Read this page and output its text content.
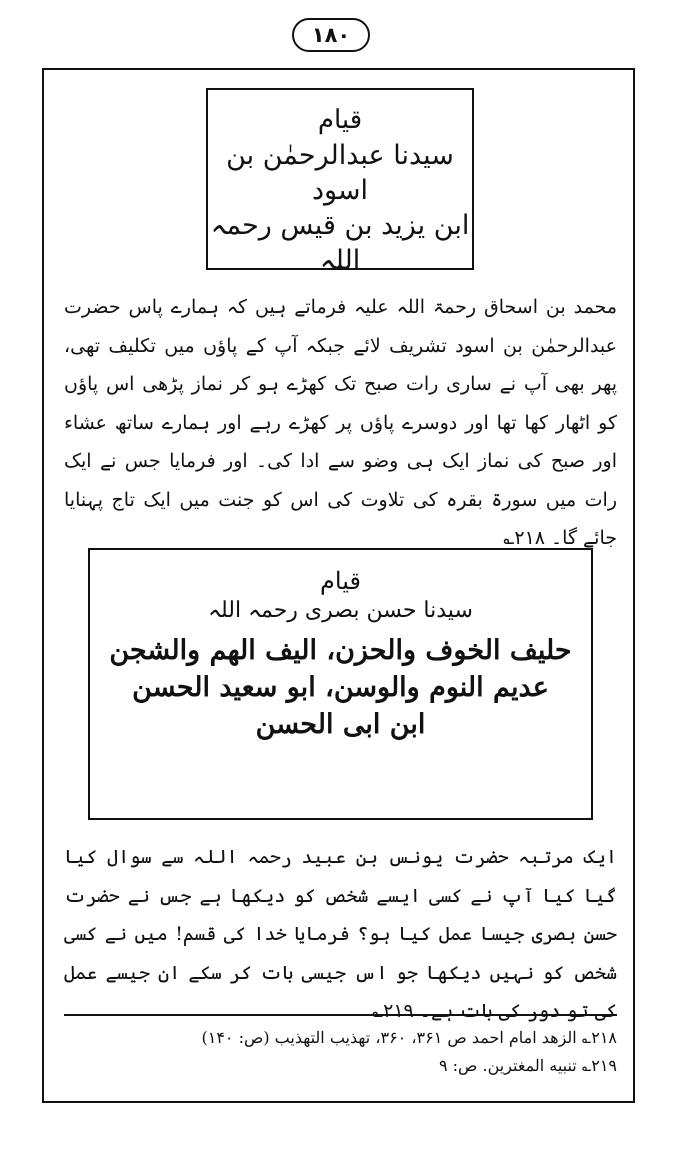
١٨٠
قیام
سیدنا عبدالرحمٰن بن اسود
ابن یزید بن قیس رحمہ اللہ
محمد بن اسحاق رحمۃ اللہ علیہ فرماتے ہیں کہ ہمارے پاس حضرت عبدالرحمٰن بن اسود تشریف لائے جبکہ آپ کے پاؤں میں تکلیف تھی، پھر بھی آپ نے ساری رات صبح تک کھڑے ہو کر نماز پڑھی اس پاؤں کو اٹھار کھا تھا اور دوسرے پاؤں پر کھڑے رہے اور ہمارے ساتھ عشاء اور صبح کی نماز ایک ہی وضو سے ادا کی۔ اور فرمایا جس نے ایک رات میں سورۃ بقرہ کی تلاوت کی اس کو جنت میں ایک تاج پہنایا جائے گا۔ ۲۱۸؎
قیام
سیدنا حسن بصری رحمہ اللہ
حليف الخوف والحزن، اليف الهم والشجن
عديم النوم والوسن، ابو سعيد الحسن
ابن ابى الحسن
ایک مرتبہ حضرت یونس بن عبید رحمہ اللہ سے سوال کیا گیا کیا آپ نے کسی ایسے شخص کو دیکھا ہے جس نے حضرت حسن بصری جیسا عمل کیا ہو؟ فرمایا خدا کی قسم! میں نے کسی شخص کو نہیں دیکھا جو اس جیسی بات کر سکے ان جیسے عمل کی تو دور کی بات ہے۔ ۲۱۹؎
۲۱۸؎ الزهد امام احمد ص ۳۶۱، ۳۶۰، تهذيب التهذيب (ص: ۱۴۰)
۲۱۹؎ تنبيه المغترين. ص: ۹
